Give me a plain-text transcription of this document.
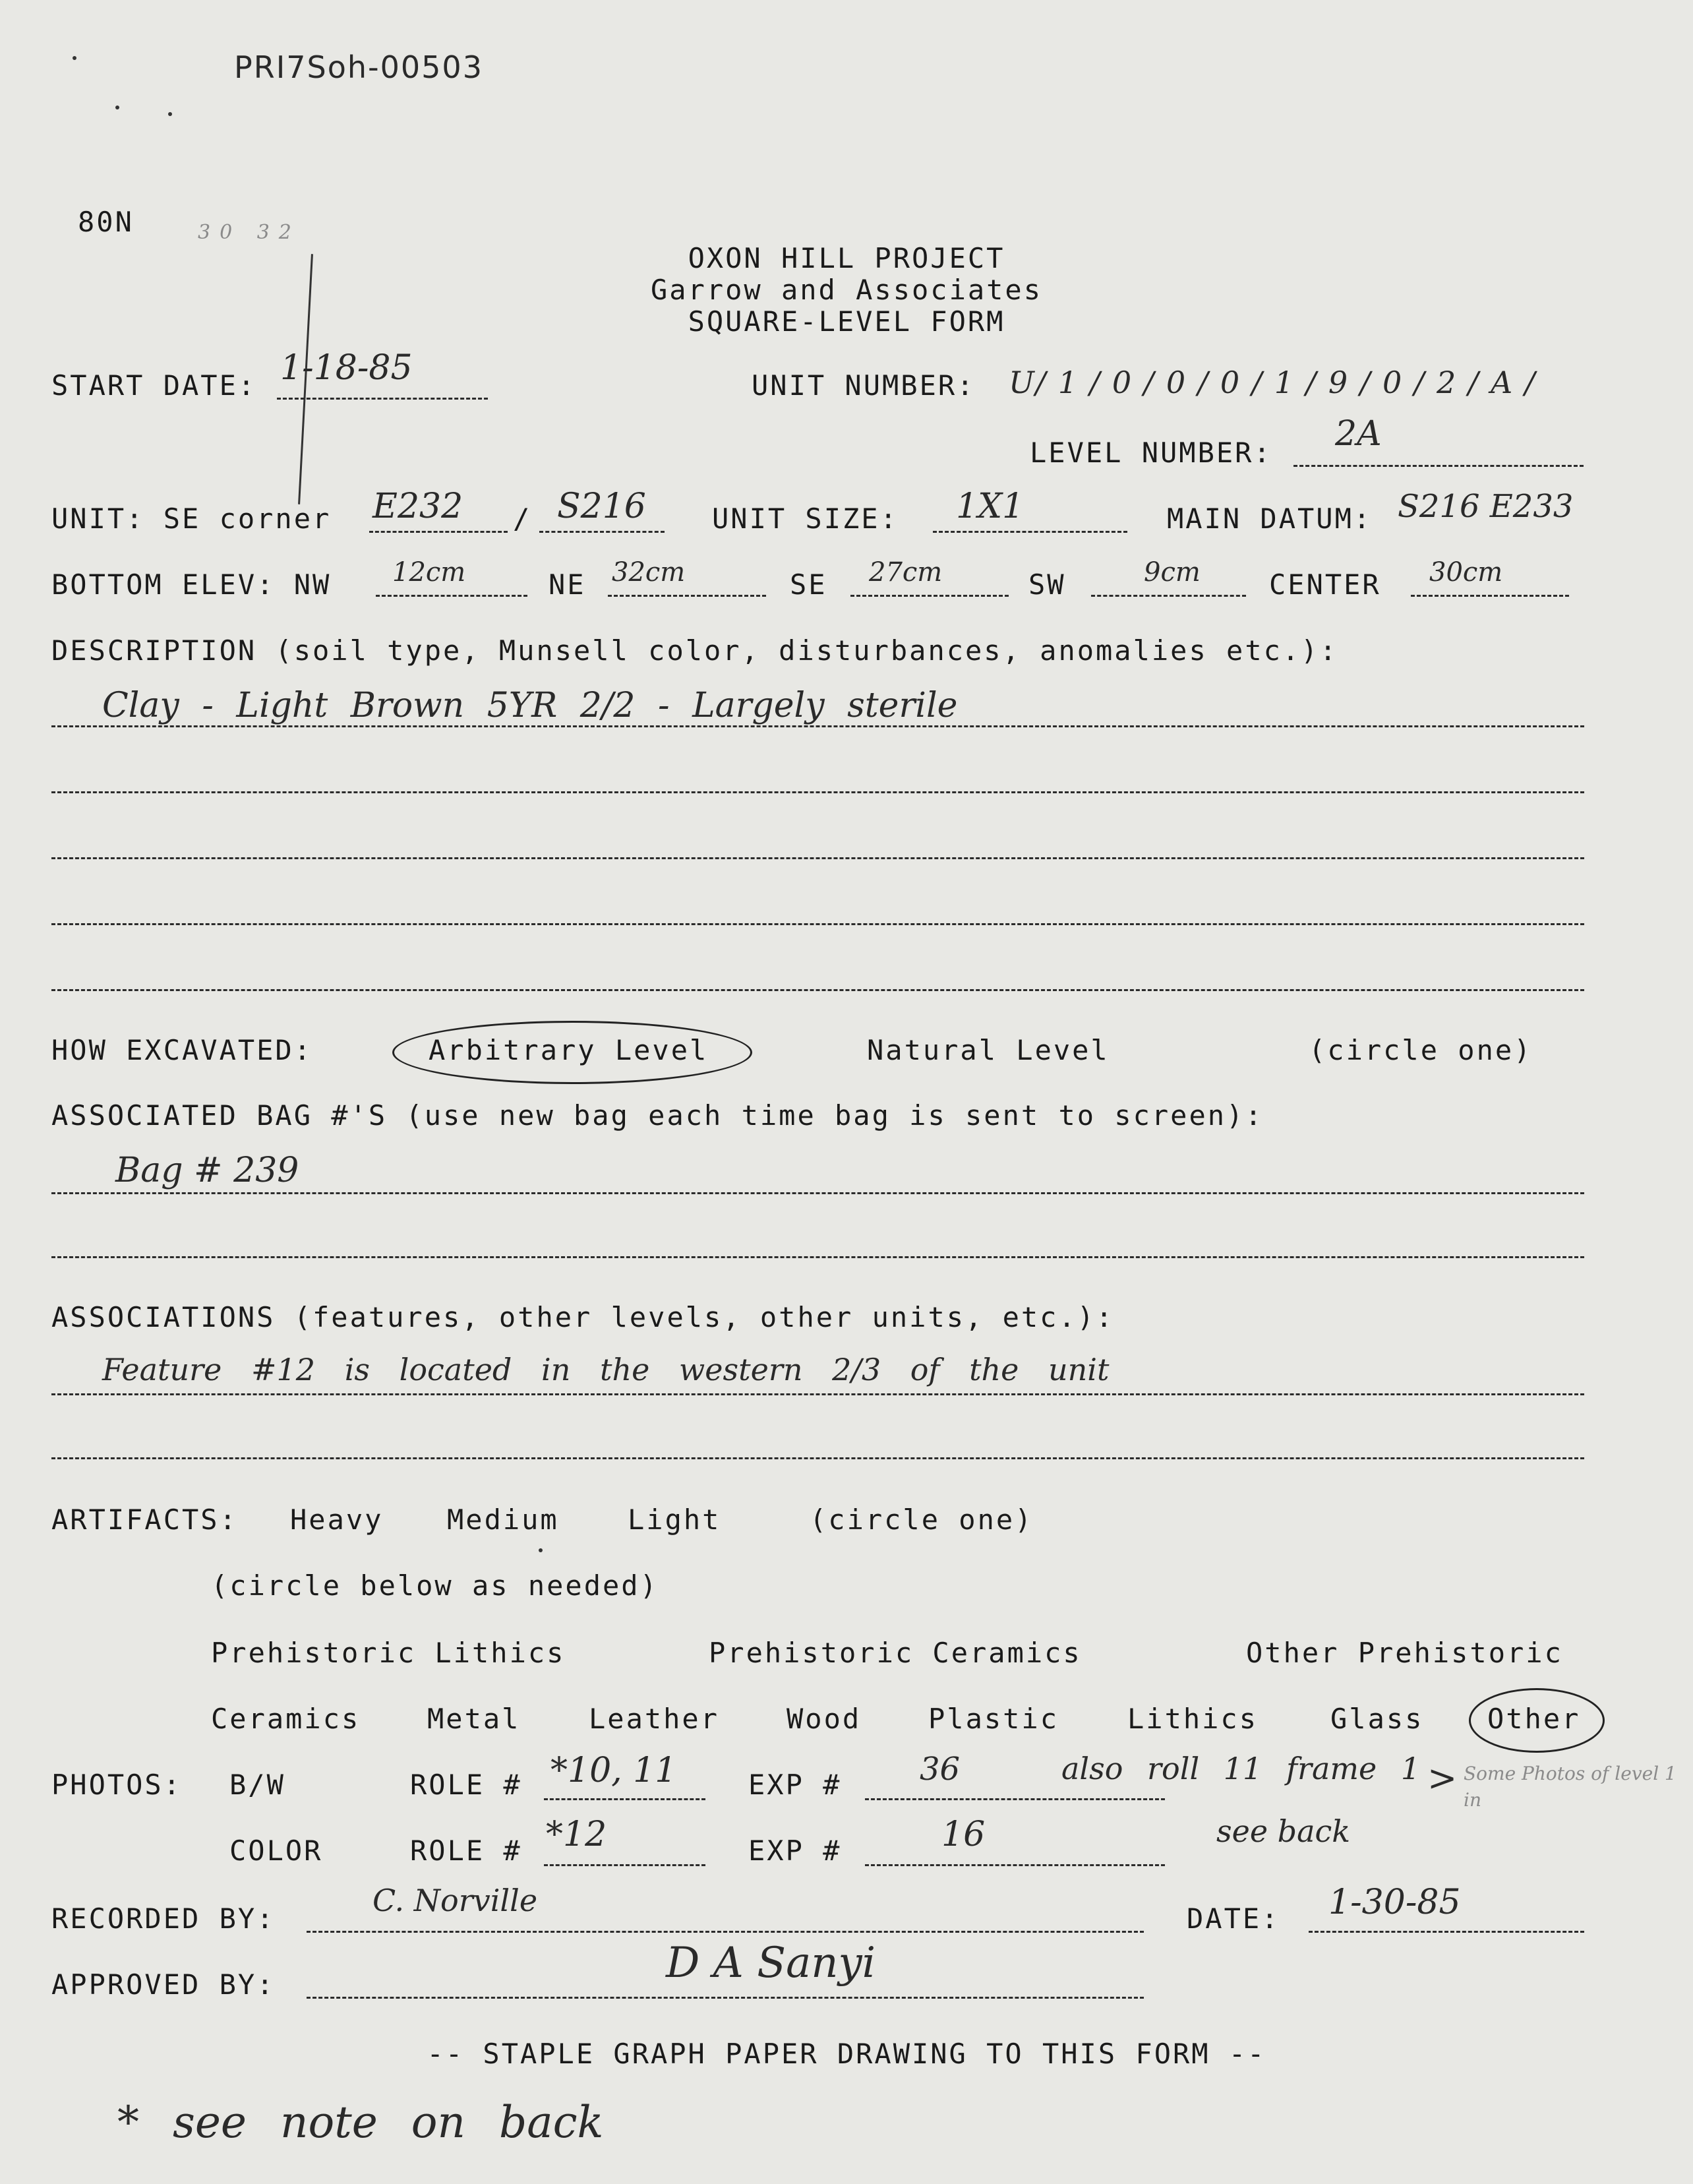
PRI7Soh-00503
80N	30 32
OXON HILL PROJECT
Garrow and Associates
SQUARE-LEVEL FORM
START DATE: 1-18-85	UNIT NUMBER: U/ 1 / 0 / 0 / 0 / 1 / 9 / 0 / 2 / A /
LEVEL NUMBER: 2A
UNIT: SE corner E232 / S216 UNIT SIZE: 1X1	MAIN DATUM: S216 E233
BOTTOM ELEV: NW 12cm	NE 32cm	SE 27cm	SW	9cm CENTER 30cm
DESCRIPTION (soil type, Munsell color, disturbances, anomalies etc.):
Clay - Light Brown 5YR 2/2 - Largely sterile
HOW EXCAVATED:	Arbitrary Level	Natural Level	(circle one)
ASSOCIATED BAG #'S (use new bag each time bag is sent to screen):
Bag # 239
ASSOCIATIONS (features, other levels, other units, etc.):
Feature #12 is located in the western 2/3 of the unit
ARTIFACTS: Heavy Medium Light	(circle one)
(circle below as needed)
Prehistoric Lithics	Prehistoric Ceramics	Other Prehistoric
Ceramics Metal Leather Wood Plastic Lithics	Glass Other
PHOTOS: B/W	ROLE # *10, 11	EXP # 36	also roll 11 frame 1 > Some Photos of level 1 in
COLOR	ROLE # *12	EXP #	16	see back
RECORDED BY:
C. Norville
DATE: 1-30-85
APPROVED BY:	D A Sanyi
-- STAPLE GRAPH PAPER DRAWING TO THIS FORM --
* see note on back
